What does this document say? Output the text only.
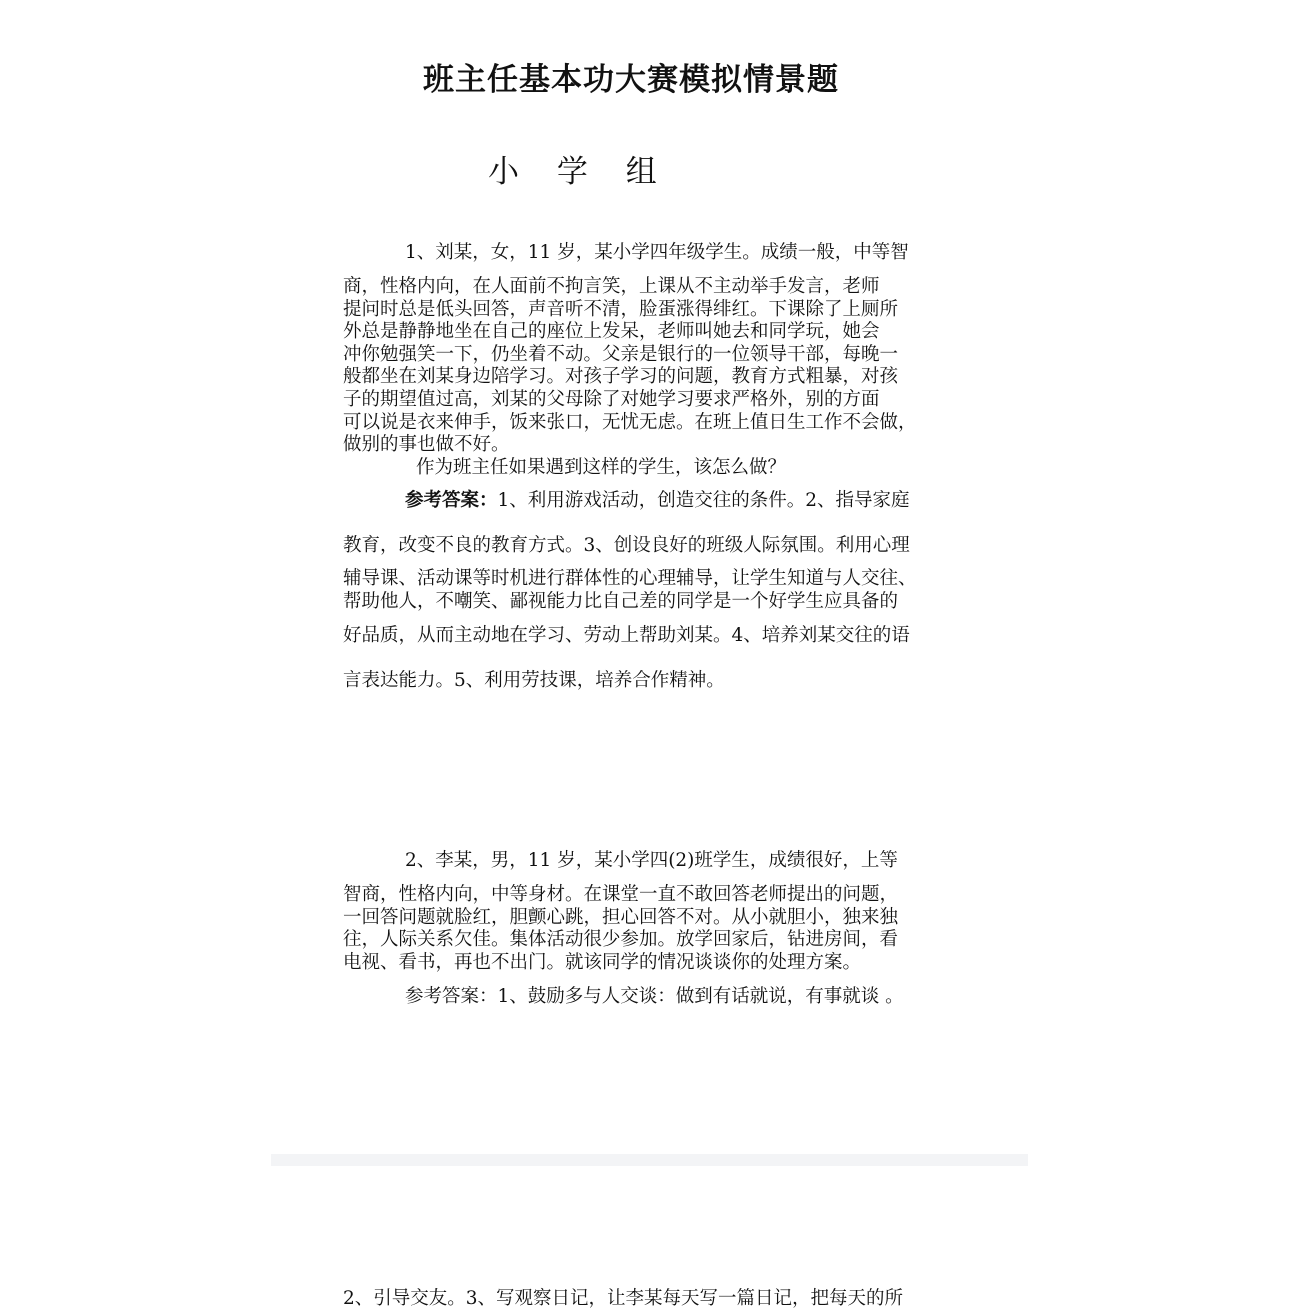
班主任基本功大赛模拟情景题
小 学 组
1、刘某，女，11 岁，某小学四年级学生。成绩一般，中等智
商，性格内向，在人面前不拘言笑，上课从不主动举手发言，老师
提问时总是低头回答，声音听不清，脸蛋涨得绯红。下课除了上厕所
外总是静静地坐在自己的座位上发呆，老师叫她去和同学玩，她会
冲你勉强笑一下，仍坐着不动。父亲是银行的一位领导干部，每晚一
般都坐在刘某身边陪学习。对孩子学习的问题，教育方式粗暴，对孩
子的期望值过高，刘某的父母除了对她学习要求严格外，别的方面
可以说是衣来伸手，饭来张口，无忧无虑。在班上值日生工作不会做，
做别的事也做不好。
作为班主任如果遇到这样的学生，该怎么做？
参考答案：1、利用游戏活动，创造交往的条件。2、指导家庭
教育，改变不良的教育方式。3、创设良好的班级人际氛围。利用心理
辅导课、活动课等时机进行群体性的心理辅导，让学生知道与人交往、
帮助他人，不嘲笑、鄙视能力比自己差的同学是一个好学生应具备的
好品质，从而主动地在学习、劳动上帮助刘某。4、培养刘某交往的语
言表达能力。5、利用劳技课，培养合作精神。
2、李某，男，11 岁，某小学四(2)班学生，成绩很好，上等
智商，性格内向，中等身材。在课堂一直不敢回答老师提出的问题，
一回答问题就脸红，胆颤心跳，担心回答不对。从小就胆小，独来独
往，人际关系欠佳。集体活动很少参加。放学回家后，钻进房间，看
电视、看书，再也不出门。就该同学的情况谈谈你的处理方案。
参考答案：1、鼓励多与人交谈：做到有话就说，有事就谈 。
2、引导交友。3、写观察日记，让李某每天写一篇日记，把每天的所
